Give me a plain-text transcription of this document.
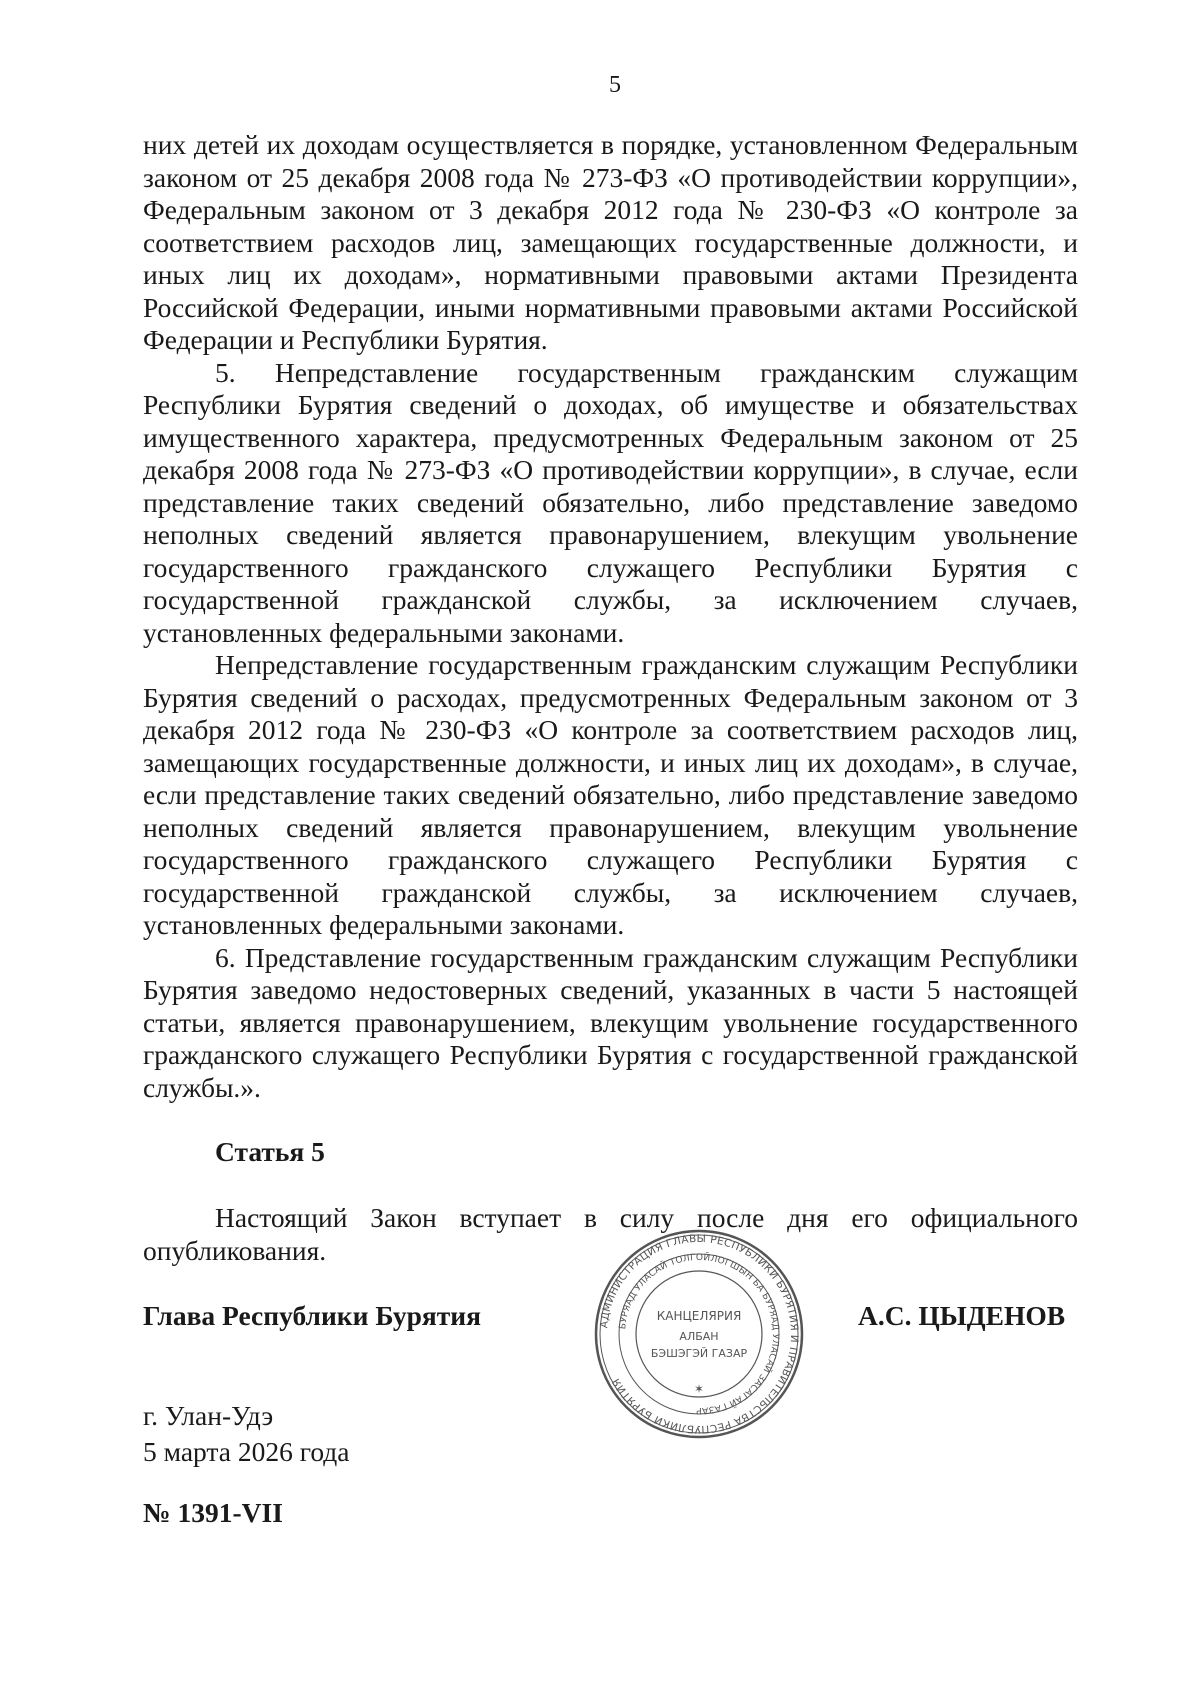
5

них детей их доходам осуществляется в порядке, установленном Федеральным законом от 25 декабря 2008 года № 273-ФЗ «О противодействии коррупции», Федеральным законом от 3 декабря 2012 года № 230-ФЗ «О контроле за соответствием расходов лиц, замещающих государственные должности, и иных лиц их доходам», нормативными правовыми актами Президента Российской Федерации, иными нормативными правовыми актами Российской Федерации и Республики Бурятия.

5. Непредставление государственным гражданским служащим Республики Бурятия сведений о доходах, об имуществе и обязательствах имущественного характера, предусмотренных Федеральным законом от 25 декабря 2008 года № 273-ФЗ «О противодействии коррупции», в случае, если представление таких сведений обязательно, либо представление заведомо неполных сведений является правонарушением, влекущим увольнение государственного гражданского служащего Республики Бурятия с государственной гражданской службы, за исключением случаев, установленных федеральными законами.

Непредставление государственным гражданским служащим Республики Бурятия сведений о расходах, предусмотренных Федеральным законом от 3 декабря 2012 года № 230-ФЗ «О контроле за соответствием расходов лиц, замещающих государственные должности, и иных лиц их доходам», в случае, если представление таких сведений обязательно, либо представление заведомо неполных сведений является правонарушением, влекущим увольнение государственного гражданского служащего Республики Бурятия с государственной гражданской службы, за исключением случаев, установленных федеральными законами.

6. Представление государственным гражданским служащим Республики Бурятия заведомо недостоверных сведений, указанных в части 5 настоящей статьи, является правонарушением, влекущим увольнение государственного гражданского служащего Республики Бурятия с государственной гражданской службы.».

Статья 5

Настоящий Закон вступает в силу после дня его официального опубликования.

Глава Республики Бурятия	А.С. ЦЫДЕНОВ
АДМИНИСТРАЦИЯ ГЛАВЫ РЕСПУБЛИКИ БУРЯТИЯ И ПРАВИТЕЛЬСТВА РЕСПУБЛИКИ БУРЯТИЯ
БУРЯАД УЛАСАЙ ТОЛГОЙЛОГШЫН БА БУРЯАД УЛАСАЙ ЗАСАГАЙ ГАЗАР
КАНЦЕЛЯРИЯ
АЛБАН
БЭШЭГЭЙ ГАЗАР
✶
г. Улан-Удэ
5 марта 2026 года
№ 1391-VII
